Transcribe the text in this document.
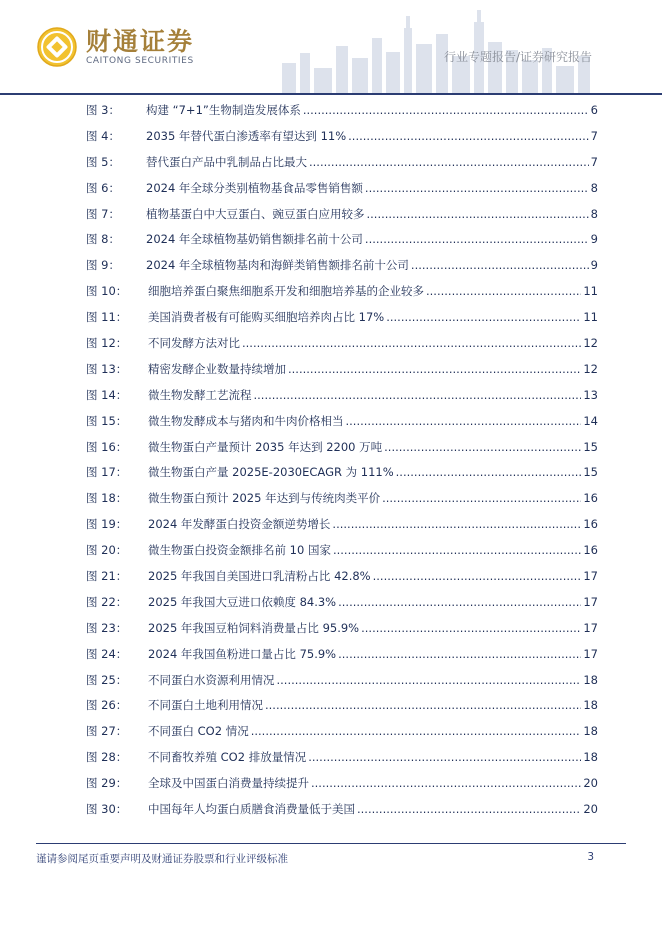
财通证券
CAITONG SECURITIES	行业专题报告/证券研究报告
图 3：	构建 “7+1”生物制造发展体系 .....	6
图 4：	2035 年替代蛋白渗透率有望达到 11% .....	7
图 5：	替代蛋白产品中乳制品占比最大 .....	7
图 6：	2024 年全球分类别植物基食品零售销售额 .....	8
图 7：	植物基蛋白中大豆蛋白、豌豆蛋白应用较多 .....	8
图 8：	2024 年全球植物基奶销售额排名前十公司 .....	9
图 9：	2024 年全球植物基肉和海鲜类销售额排名前十公司 .....	9
图 10：	细胞培养蛋白聚焦细胞系开发和细胞培养基的企业较多 .....	11
图 11：	美国消费者极有可能购买细胞培养肉占比 17% .....	11
图 12：	不同发酵方法对比 .....	12
图 13：	精密发酵企业数量持续增加 .....	12
图 14：	微生物发酵工艺流程 .....	13
图 15：	微生物发酵成本与猪肉和牛肉价格相当 .....	14
图 16：	微生物蛋白产量预计 2035 年达到 2200 万吨 .....	15
图 17：	微生物蛋白产量 2025E-2030ECAGR 为 111% .....	15
图 18：	微生物蛋白预计 2025 年达到与传统肉类平价 .....	16
图 19：	2024 年发酵蛋白投资金额逆势增长 .....	16
图 20：	微生物蛋白投资金额排名前 10 国家 .....	16
图 21：	2025 年我国自美国进口乳清粉占比 42.8% .....	17
图 22：	2025 年我国大豆进口依赖度 84.3% .....	17
图 23：	2025 年我国豆粕饲料消费量占比 95.9% .....	17
图 24：	2024 年我国鱼粉进口量占比 75.9% .....	17
图 25：	不同蛋白水资源利用情况 .....	18
图 26：	不同蛋白土地利用情况 .....	18
图 27：	不同蛋白 CO2 情况 .....	18
图 28：	不同畜牧养殖 CO2 排放量情况 .....	18
图 29：	全球及中国蛋白消费量持续提升 .....	20
图 30：	中国每年人均蛋白质膳食消费量低于美国 .....	20
谨请参阅尾页重要声明及财通证券股票和行业评级标准	3
